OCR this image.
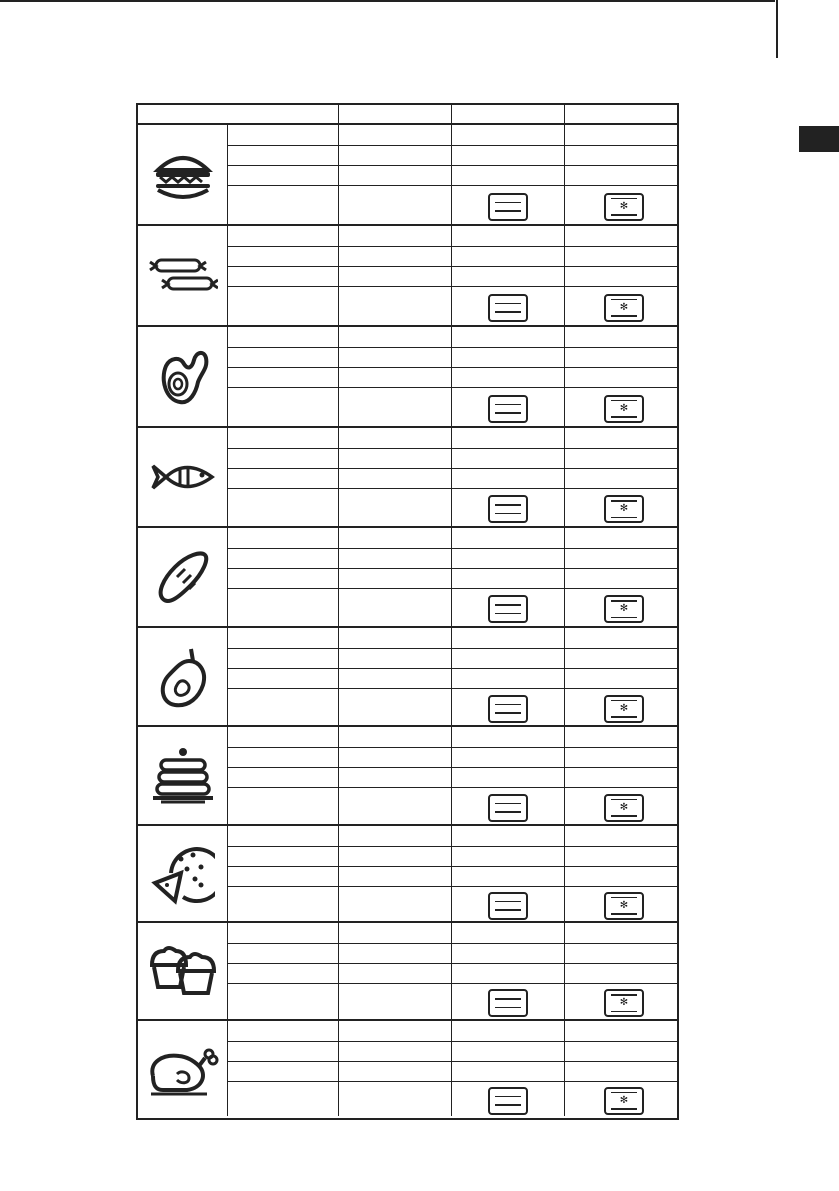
✻
✻
✻
✻
✻
✻
✻
✻
✻
✻
